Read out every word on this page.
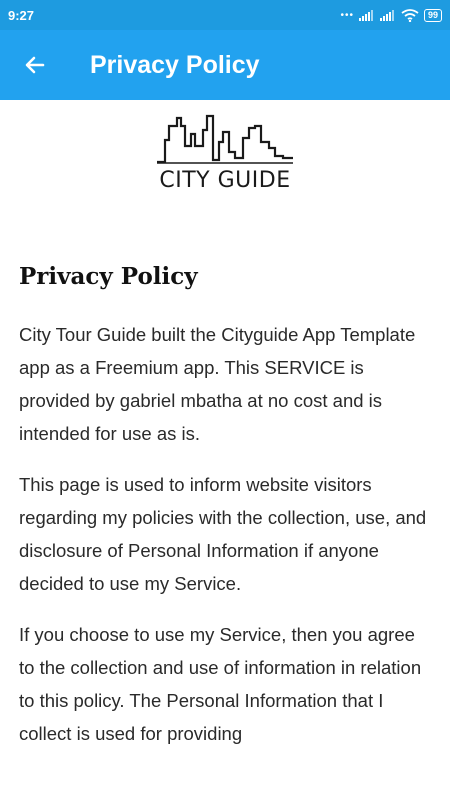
9:27	•••	99
Privacy Policy
CITY GUIDE
Privacy Policy

City Tour Guide built the Cityguide App Template app as a Freemium app. This SERVICE is provided by gabriel mbatha at no cost and is intended for use as is.

This page is used to inform website visitors regarding my policies with the collection, use, and disclosure of Personal Information if anyone decided to use my Service.

If you choose to use my Service, then you agree to the collection and use of information in relation to this policy. The Personal Information that I collect is used for providing
